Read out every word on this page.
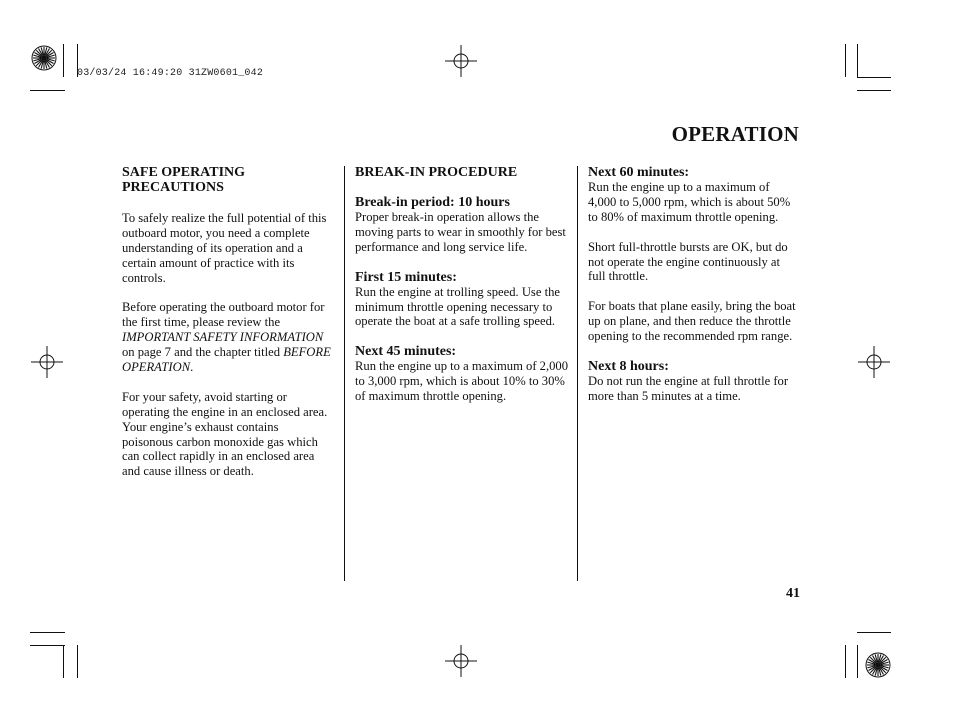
03/03/24 16:49:20 31ZW0601_042
OPERATION
SAFE OPERATING
PRECAUTIONS

To safely realize the full potential of this outboard motor, you need a complete understanding of its operation and a certain amount of practice with its controls.

Before operating the outboard motor for the first time, please review the IMPORTANT SAFETY INFORMATION on page 7 and the chapter titled BEFORE OPERATION.

For your safety, avoid starting or operating the engine in an enclosed area. Your engine’s exhaust contains poisonous carbon monoxide gas which can collect rapidly in an enclosed area and cause illness or death.

BREAK-IN PROCEDURE
Break-in period: 10 hours

Proper break-in operation allows the moving parts to wear in smoothly for best performance and long service life.

First 15 minutes:

Run the engine at trolling speed. Use the minimum throttle opening necessary to operate the boat at a safe trolling speed.

Next 45 minutes:

Run the engine up to a maximum of 2,000 to 3,000 rpm, which is about 10% to 30% of maximum throttle opening.

Next 60 minutes:

Run the engine up to a maximum of 4,000 to 5,000 rpm, which is about 50% to 80% of maximum throttle opening.

Short full-throttle bursts are OK, but do not operate the engine continuously at full throttle.

For boats that plane easily, bring the boat up on plane, and then reduce the throttle opening to the recommended rpm range.

Next 8 hours:

Do not run the engine at full throttle for more than 5 minutes at a time.

41
